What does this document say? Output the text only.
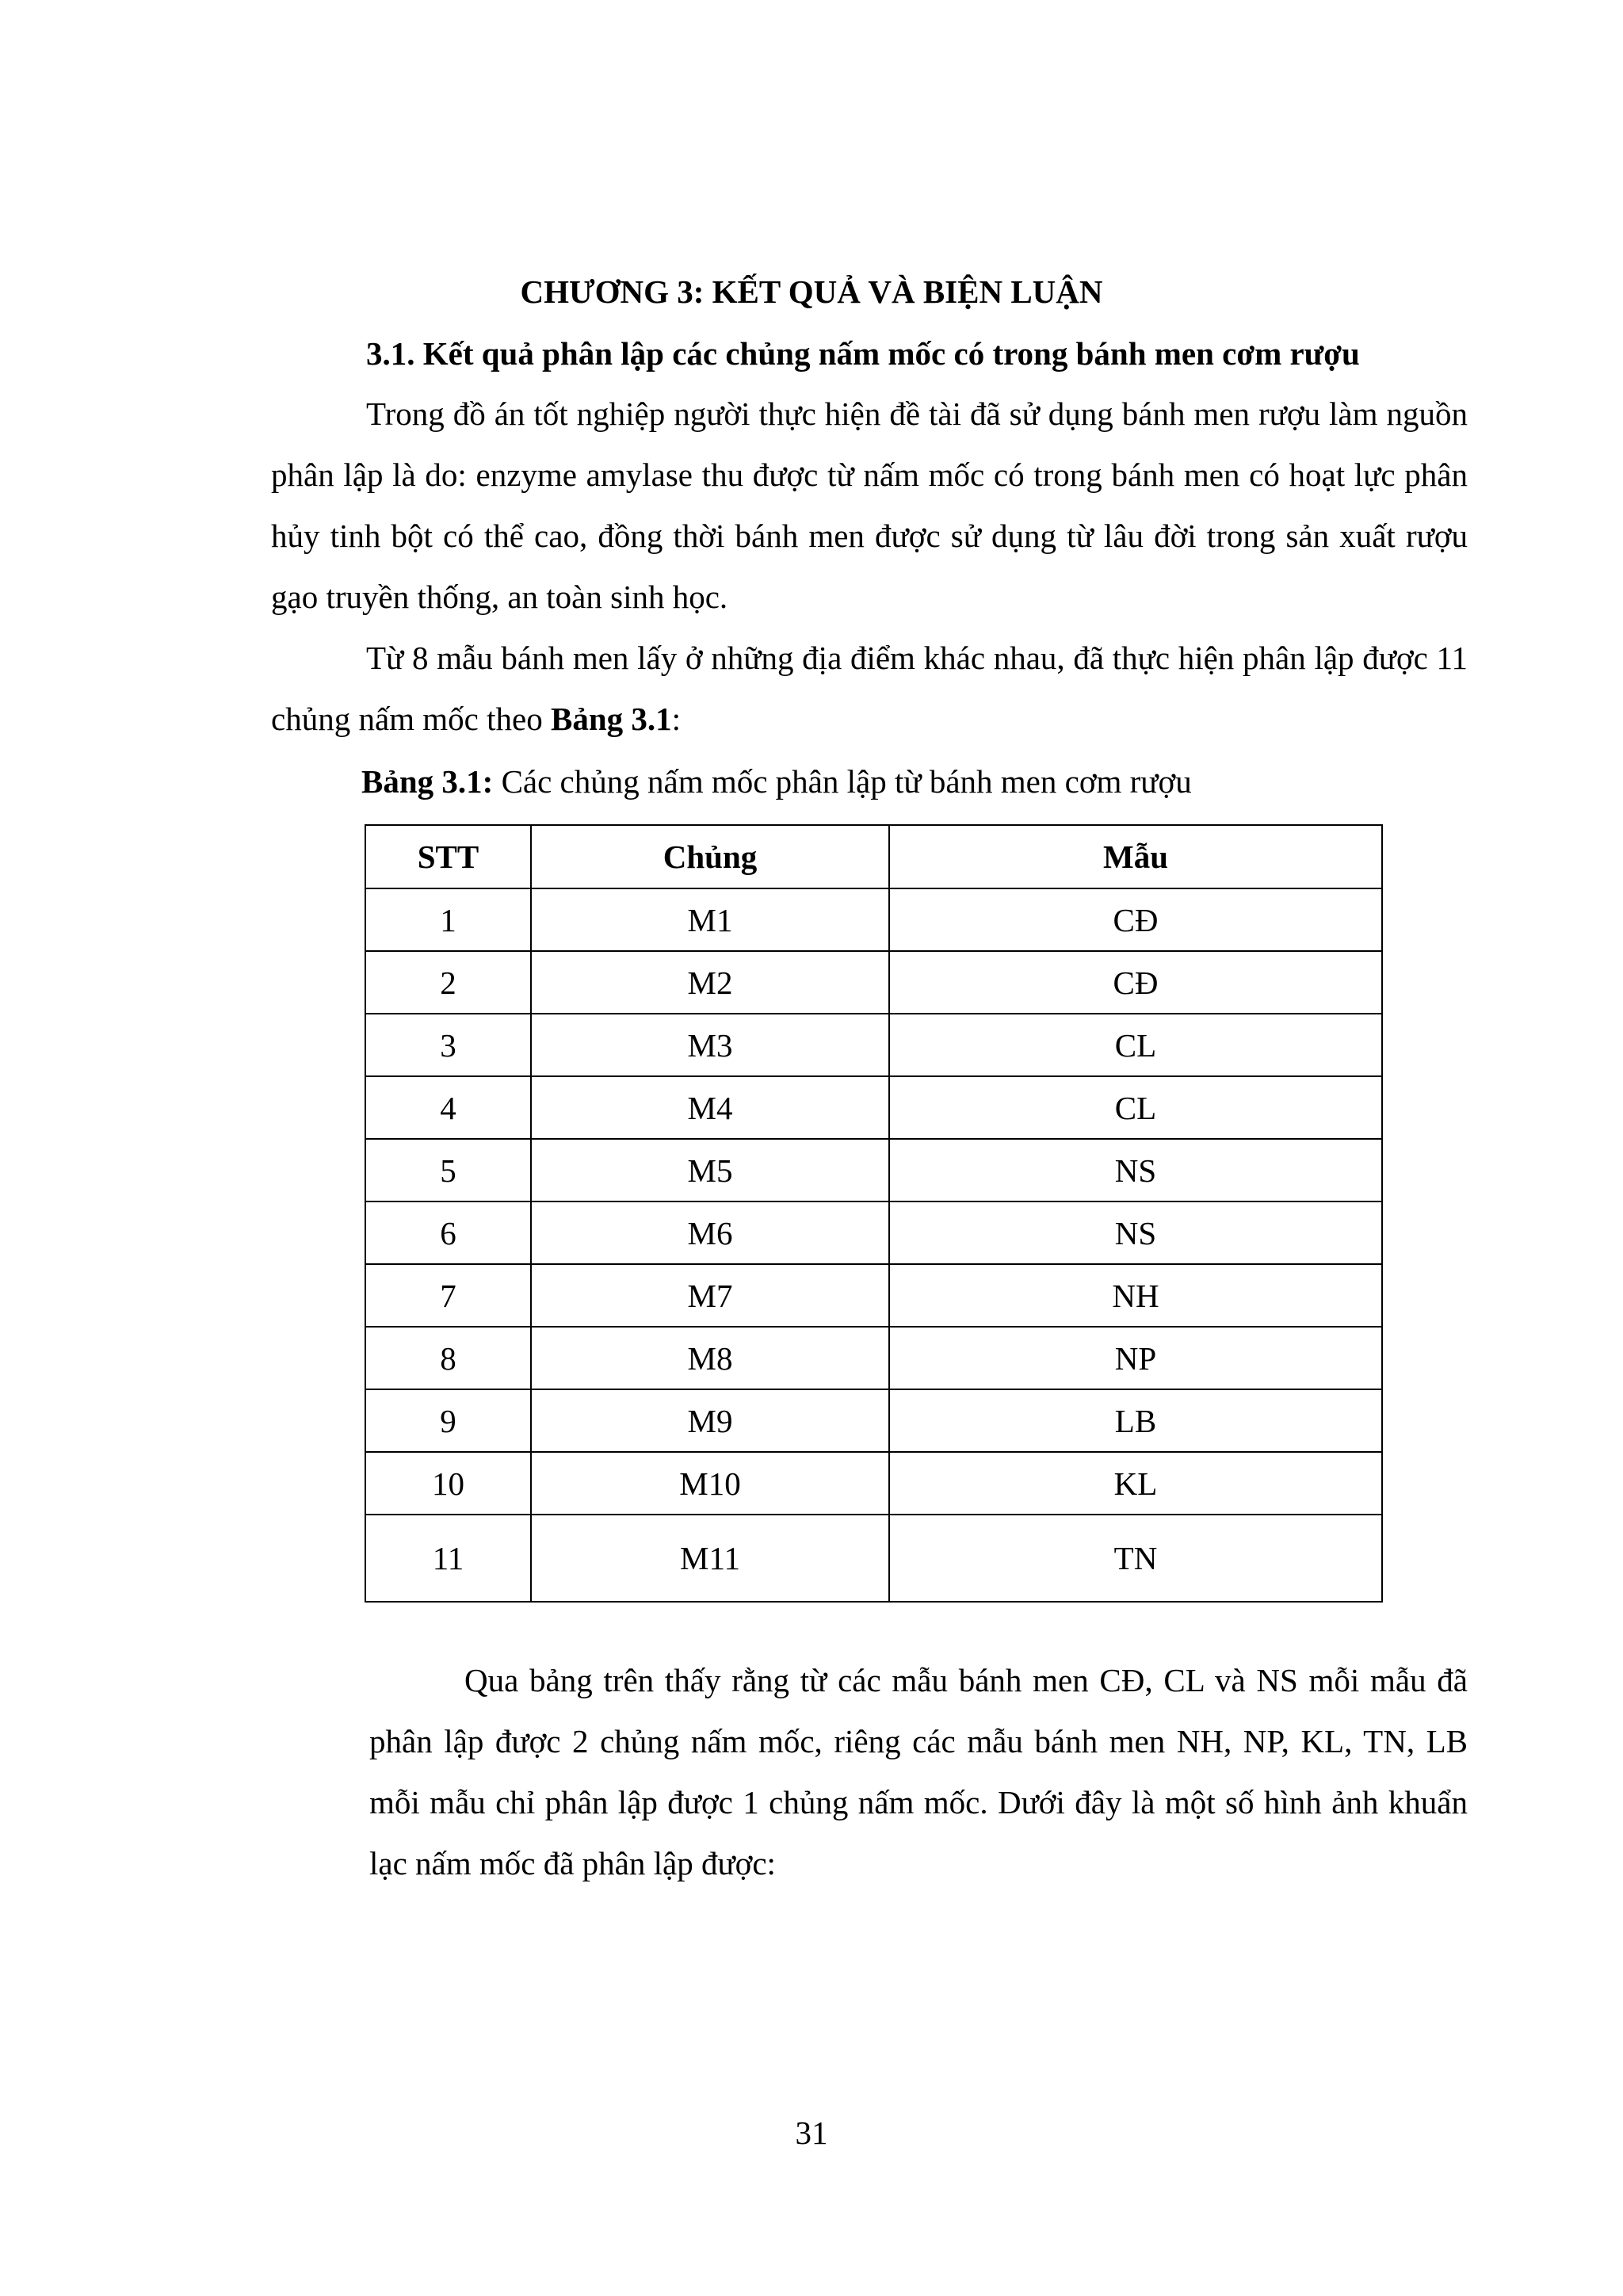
CHƯƠNG 3: KẾT QUẢ VÀ BIỆN LUẬN
3.1. Kết quả phân lập các chủng nấm mốc có trong bánh men cơm rượu
Trong đồ án tốt nghiệp người thực hiện đề tài đã sử dụng bánh men rượu làm nguồn phân lập là do: enzyme amylase thu được từ nấm mốc có trong bánh men có hoạt lực phân hủy tinh bột có thể cao, đồng thời bánh men được sử dụng từ lâu đời trong sản xuất rượu gạo truyền thống, an toàn sinh học.
Từ 8 mẫu bánh men lấy ở những địa điểm khác nhau, đã thực hiện phân lập được 11 chủng nấm mốc theo Bảng 3.1:
Bảng 3.1: Các chủng nấm mốc phân lập từ bánh men cơm rượu
STT	Chủng	Mẫu
1	M1	CĐ
2	M2	CĐ
3	M3	CL
4	M4	CL
5	M5	NS
6	M6	NS
7	M7	NH
8	M8	NP
9	M9	LB
10	M10	KL
11	M11	TN
Qua bảng trên thấy rằng từ các mẫu bánh men CĐ, CL và NS mỗi mẫu đã phân lập được 2 chủng nấm mốc, riêng các mẫu bánh men NH, NP, KL, TN, LB mỗi mẫu chỉ phân lập được 1 chủng nấm mốc. Dưới đây là một số hình ảnh khuẩn lạc nấm mốc đã phân lập được:
31
